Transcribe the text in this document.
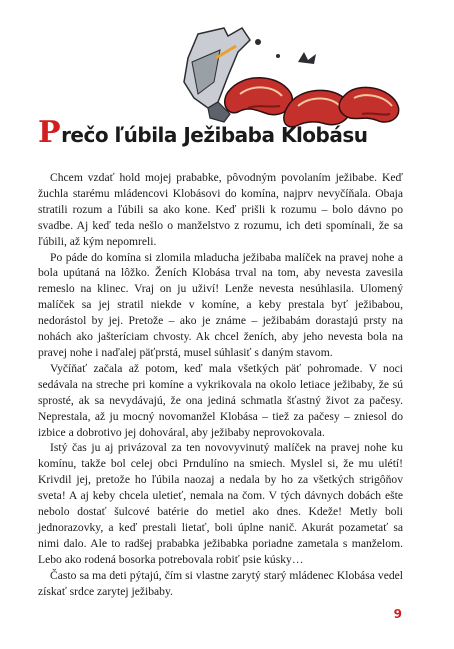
Prečo ľúbila Ježibaba Klobásu

Chcem vzdať hold mojej prababke, pôvodným povolaním ježibabe. Keď žuchla starému mládencovi Klobásovi do komína, najprv nevyčíňala. Obaja stratili rozum a ľúbili sa ako kone. Keď prišli k rozumu – bolo dávno po svadbe. Aj keď teda nešlo o manželstvo z rozumu, ich deti spomínali, že sa ľúbili, až kým nepomreli.

Po páde do komína si zlomila mladucha ježibaba malíček na pravej nohe a bola upútaná na lôžko. Ženích Klobása trval na tom, aby nevesta zavesila remeslo na klinec. Vraj on ju uživí! Lenže nevesta nesúhlasila. Ulomený malíček sa jej stratil niekde v komíne, a keby prestala byť ježibabou, nedorástol by jej. Pretože – ako je známe – ježibabám dorastajú prsty na nohách ako jašteríciam chvosty. Ak chcel ženích, aby jeho nevesta bola na pravej nohe i naďalej päťprstá, musel súhlasiť s daným stavom.

Vyčíňať začala až potom, keď mala všetkých päť pohromade. V noci sedávala na streche pri komíne a vykrikovala na okolo letiace ježibaby, že sú sprosté, ak sa nevydávajú, že ona jediná schmatla šťastný život za pačesy. Neprestala, až ju mocný novomanžel Klobása – tiež za pačesy – zniesol do izbice a dobrotivo jej dohováral, aby ježibaby neprovokovala.

Istý čas ju aj privázoval za ten novovyvinutý malíček na pravej nohe ku komínu, takže bol celej obci Prndulíno na smiech. Myslel si, že mu ulétí! Krivdil jej, pretože ho ľúbila naozaj a nedala by ho za všetkých strigôňov sveta! A aj keby chcela uletieť, nemala na čom. V tých dávnych dobách ešte nebolo dostať šulcové batérie do metiel ako dnes. Kdeže! Metly boli jednorazovky, a keď prestali lietať, boli úplne nanič. Akurát pozametať sa nimi dalo. Ale to radšej prababka ježibabka poriadne zametala s manželom. Lebo ako rodená bosorka potrebovala robiť psie kúsky…

Často sa ma deti pýtajú, čím si vlastne zarytý starý mládenec Klobása vedel získať srdce zarytej ježibaby.

9
